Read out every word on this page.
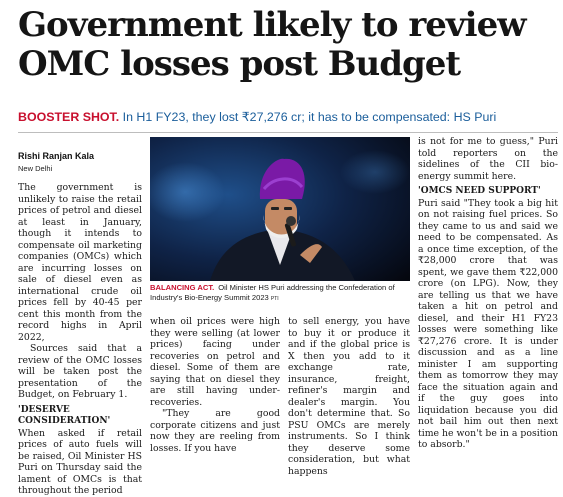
Government likely to review
OMC losses post Budget
BOOSTER SHOT. In H1 FY23, they lost ₹27,276 cr; it has to be compensated: HS Puri
Rishi Ranjan Kala
New Delhi

The government is unlikely to raise the retail prices of petrol and diesel at least in January, though it intends to compensate oil marketing companies (OMCs) which are incurring losses on sale of diesel even as international crude oil prices fell by 40-45 per cent this month from the record highs in April 2022,

Sources said that a review of the OMC losses will be taken post the presentation of the Budget, on February 1.

'DESERVE CONSIDERATION'

When asked if retail prices of auto fuels will be raised, Oil Minister HS Puri on Thursday said the lament of OMCs is that throughout the period

BALANCING ACT. Oil Minister HS Puri addressing the Confederation of Industry's Bio-Energy Summit 2023 PTI

when oil prices were high they were selling (at lower prices) facing under recoveries on petrol and diesel. Some of them are saying that on diesel they are still having under-recoveries.

"They are good corporate citizens and just now they are reeling from losses. If you have

to sell energy, you have to buy it or produce it and if the global price is X then you add to it exchange rate, insurance, freight, refiner's margin and dealer's margin. You don't determine that. So PSU OMCs are merely instruments. So I think they deserve some consideration, but what happens

is not for me to guess," Puri told reporters on the sidelines of the CII bio-energy summit here.

'OMCS NEED SUPPORT'

Puri said "They took a big hit on not raising fuel prices. So they came to us and said we need to be compensated. As a once time exception, of the ₹28,000 crore that was spent, we gave them ₹22,000 crore (on LPG). Now, they are telling us that we have taken a hit on petrol and diesel, and their H1 FY23 losses were something like ₹27,276 crore. It is under discussion and as a line minister I am supporting them as tomorrow they may face the situation again and if the guy goes into liquidation because you did not bail him out then next time he won't be in a position to absorb."
